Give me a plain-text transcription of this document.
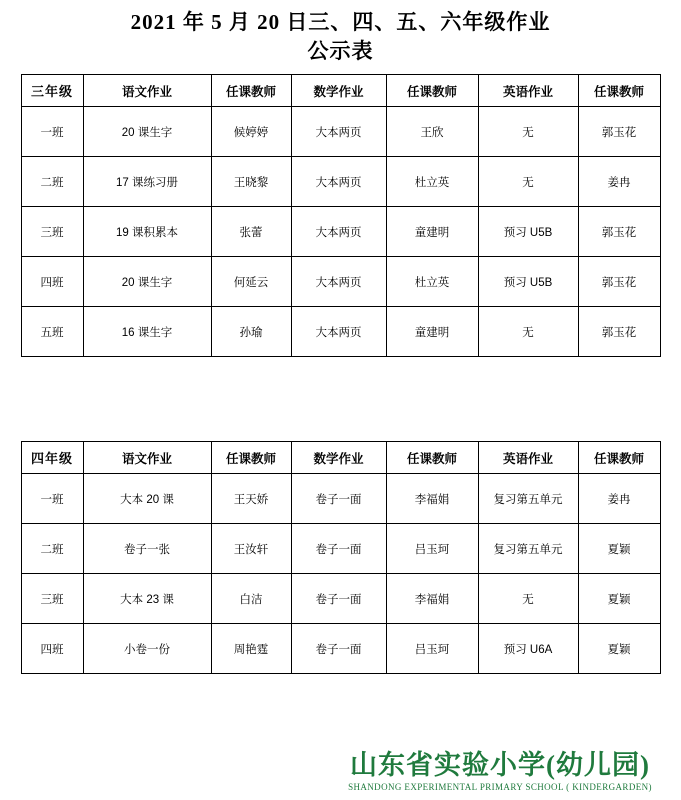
2021 年 5 月 20 日三、四、五、六年级作业
公示表
三年级	语文作业	任课教师	数学作业	任课教师	英语作业	任课教师
一班	20 课生字	候婷婷	大本两页	王欣	无	郭玉花
二班	17 课练习册	王晓黎	大本两页	杜立英	无	姜冉
三班	19 课积累本	张蕾	大本两页	童建明	预习 U5B	郭玉花
四班	20 课生字	何延云	大本两页	杜立英	预习 U5B	郭玉花
五班	16 课生字	孙瑜	大本两页	童建明	无	郭玉花
四年级	语文作业	任课教师	数学作业	任课教师	英语作业	任课教师
一班	大本 20 课	王天娇	卷子一面	李福娟	复习第五单元	姜冉
二班	卷子一张	王汝轩	卷子一面	吕玉珂	复习第五单元	夏颖
三班	大本 23 课	白洁	卷子一面	李福娟	无	夏颖
四班	小卷一份	周艳霆	卷子一面	吕玉珂	预习 U6A	夏颖
山东省实验小学(幼儿园)
SHANDONG EXPERIMENTAL PRIMARY SCHOOL ( KINDERGARDEN)
